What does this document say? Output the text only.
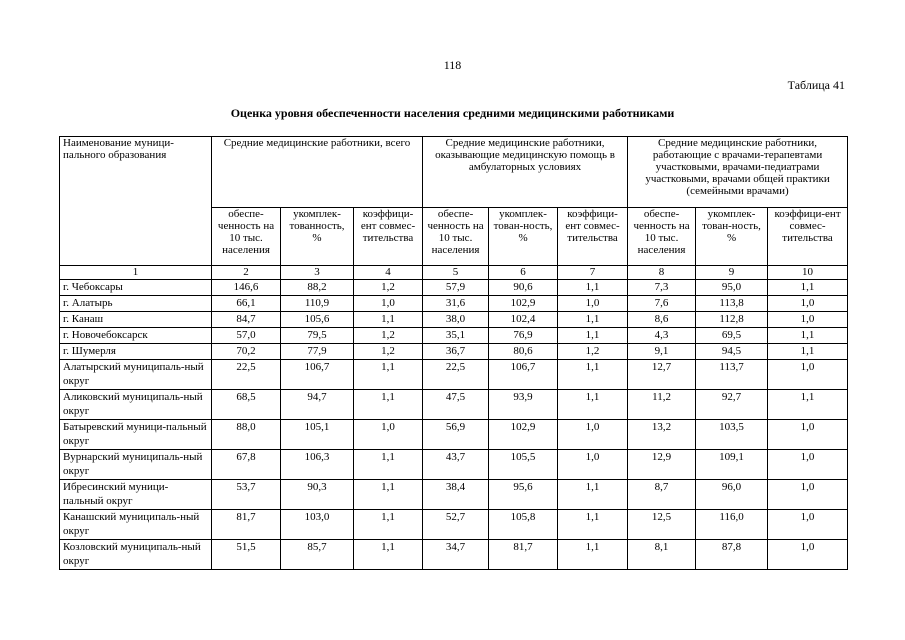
118
Таблица 41
Оценка уровня обеспеченности населения средними медицинскими работниками
Наименование муници-пального образования	Средние медицинские работники, всего			Средние медицинские работники, оказывающие медицинскую помощь в амбулаторных условиях			Средние медицинские работники, работающие с врачами-терапевтами участковыми, врачами-педиатрами участковыми, врачами общей практики (семейными врачами)		
	обеспе-ченность на 10 тыс. населения	укомплек-тованность, %	коэффици-ент совмес-тительства	обеспе-ченность на 10 тыс. населения	укомплек-тован-ность, %	коэффици-ент совмес-тительства	обеспе-ченность на 10 тыс. населения	укомплек-тован-ность, %	коэффици-ент совмес-тительства
1	2	3	4	5	6	7	8	9	10
г. Чебоксары	146,6	88,2	1,2	57,9	90,6	1,1	7,3	95,0	1,1
г. Алатырь	66,1	110,9	1,0	31,6	102,9	1,0	7,6	113,8	1,0
г. Канаш	84,7	105,6	1,1	38,0	102,4	1,1	8,6	112,8	1,0
г. Новочебоксарск	57,0	79,5	1,2	35,1	76,9	1,1	4,3	69,5	1,1
г. Шумерля	70,2	77,9	1,2	36,7	80,6	1,2	9,1	94,5	1,1
Алатырский муниципаль-ный округ	22,5	106,7	1,1	22,5	106,7	1,1	12,7	113,7	1,0
Аликовский муниципаль-ный округ	68,5	94,7	1,1	47,5	93,9	1,1	11,2	92,7	1,1
Батыревский муници-пальный округ	88,0	105,1	1,0	56,9	102,9	1,0	13,2	103,5	1,0
Вурнарский муниципаль-ный округ	67,8	106,3	1,1	43,7	105,5	1,0	12,9	109,1	1,0
Ибресинский муници-пальный округ	53,7	90,3	1,1	38,4	95,6	1,1	8,7	96,0	1,0
Канашский муниципаль-ный округ	81,7	103,0	1,1	52,7	105,8	1,1	12,5	116,0	1,0
Козловский муниципаль-ный округ	51,5	85,7	1,1	34,7	81,7	1,1	8,1	87,8	1,0
